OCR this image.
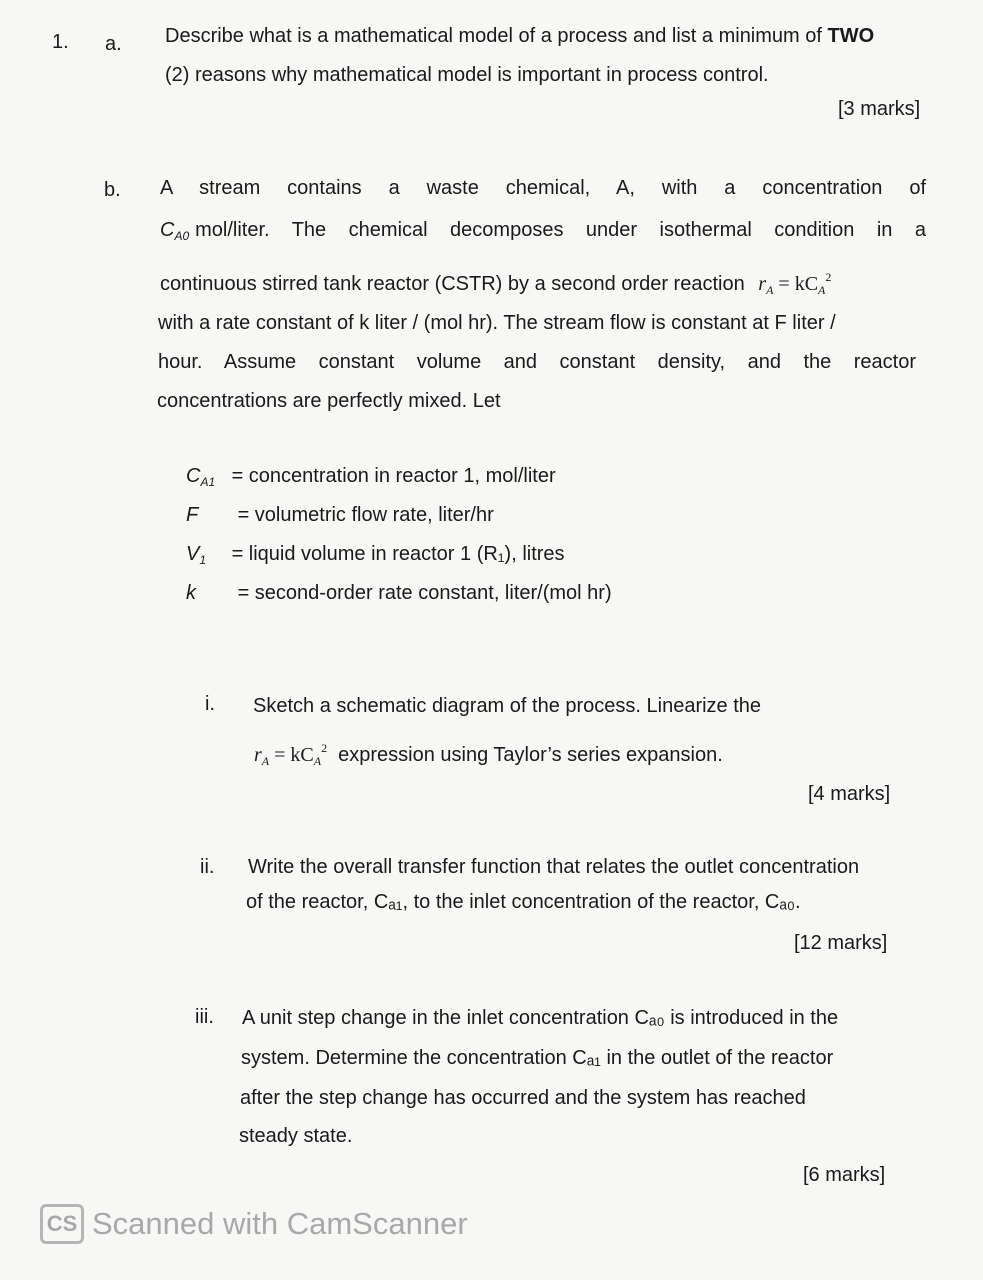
1. a. Describe what is a mathematical model of a process and list a minimum of TWO
(2) reasons why mathematical model is important in process control.
[3 marks]
b. A stream contains a waste chemical, A, with a concentration of
$C_{A0}$ mol/liter. The chemical decomposes under isothermal condition in a
continuous stirred tank reactor (CSTR) by a second order reaction $r_A = kC_A^2$
with a rate constant of k liter / (mol hr). The stream flow is constant at F liter /
hour. Assume constant volume and constant density, and the reactor
concentrations are perfectly mixed. Let
$C_{A1}$ = concentration in reactor 1, mol/liter
F = volumetric flow rate, liter/hr
$V_1$ = liquid volume in reactor 1 (R₁), litres
k = second-order rate constant, liter/(mol hr)
i. Sketch a schematic diagram of the process. Linearize the
$r_A = kC_A^2$ expression using Taylor’s series expansion.
[4 marks]
ii. Write the overall transfer function that relates the outlet concentration
of the reactor, Cₐ₁, to the inlet concentration of the reactor, Cₐ₀.
[12 marks]
iii. A unit step change in the inlet concentration Cₐ₀ is introduced in the
system. Determine the concentration Cₐ₁ in the outlet of the reactor
after the step change has occurred and the system has reached
steady state.
[6 marks]
CS Scanned with CamScanner
